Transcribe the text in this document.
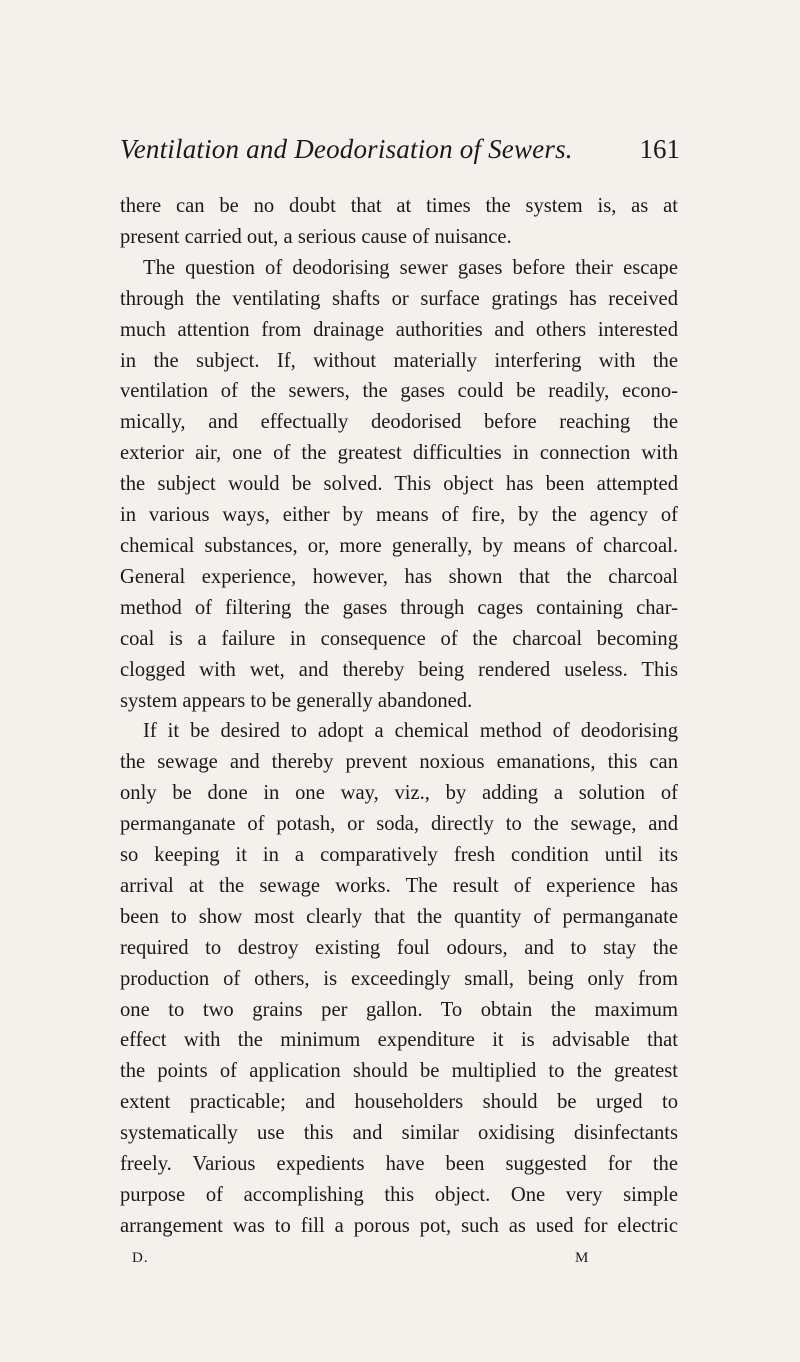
Ventilation and Deodorisation of Sewers. 161
there can be no doubt that at times the system is, as at
present carried out, a serious cause of nuisance.
The question of deodorising sewer gases before their escape
through the ventilating shafts or surface gratings has received
much attention from drainage authorities and others interested
in the subject. If, without materially interfering with the
ventilation of the sewers, the gases could be readily, econo-
mically, and effectually deodorised before reaching the
exterior air, one of the greatest difficulties in connection with
the subject would be solved. This object has been attempted
in various ways, either by means of fire, by the agency of
chemical substances, or, more generally, by means of charcoal.
General experience, however, has shown that the charcoal
method of filtering the gases through cages containing char-
coal is a failure in consequence of the charcoal becoming
clogged with wet, and thereby being rendered useless. This
system appears to be generally abandoned.
If it be desired to adopt a chemical method of deodorising
the sewage and thereby prevent noxious emanations, this can
only be done in one way, viz., by adding a solution of
permanganate of potash, or soda, directly to the sewage, and
so keeping it in a comparatively fresh condition until its
arrival at the sewage works. The result of experience has
been to show most clearly that the quantity of permanganate
required to destroy existing foul odours, and to stay the
production of others, is exceedingly small, being only from
one to two grains per gallon. To obtain the maximum
effect with the minimum expenditure it is advisable that
the points of application should be multiplied to the greatest
extent practicable; and householders should be urged to
systematically use this and similar oxidising disinfectants
freely. Various expedients have been suggested for the
purpose of accomplishing this object. One very simple
arrangement was to fill a porous pot, such as used for electric
D.	M
